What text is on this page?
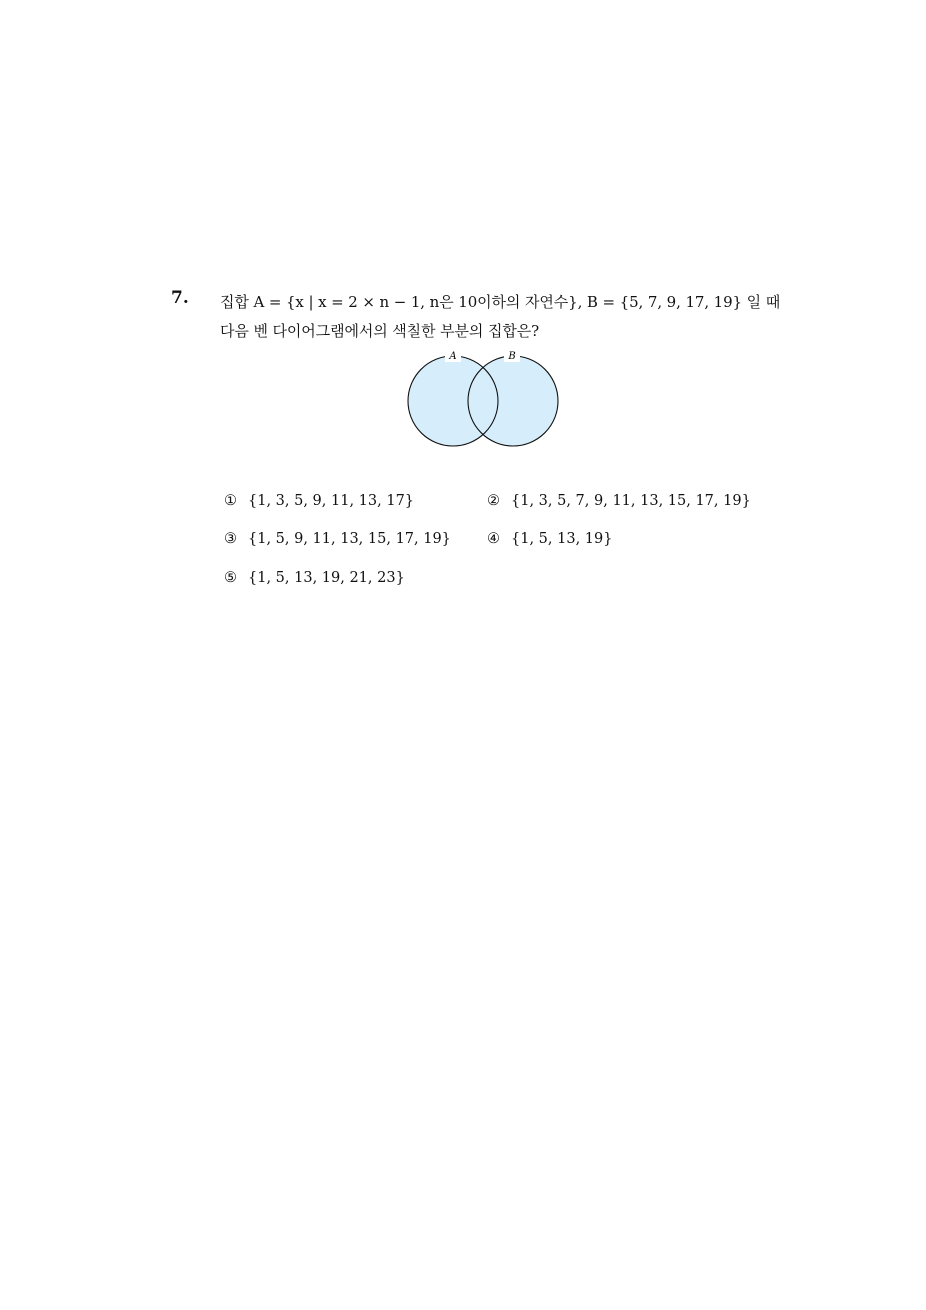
7. 집합 A = {x | x = 2 × n − 1, n은 10이하의 자연수}, B = {5, 7, 9, 17, 19} 일 때
다음 벤 다이어그램에서의 색칠한 부분의 집합은?
A	B
① {1, 3, 5, 9, 11, 13, 17}	② {1, 3, 5, 7, 9, 11, 13, 15, 17, 19}
③ {1, 5, 9, 11, 13, 15, 17, 19} ④ {1, 5, 13, 19}
⑤ {1, 5, 13, 19, 21, 23}
